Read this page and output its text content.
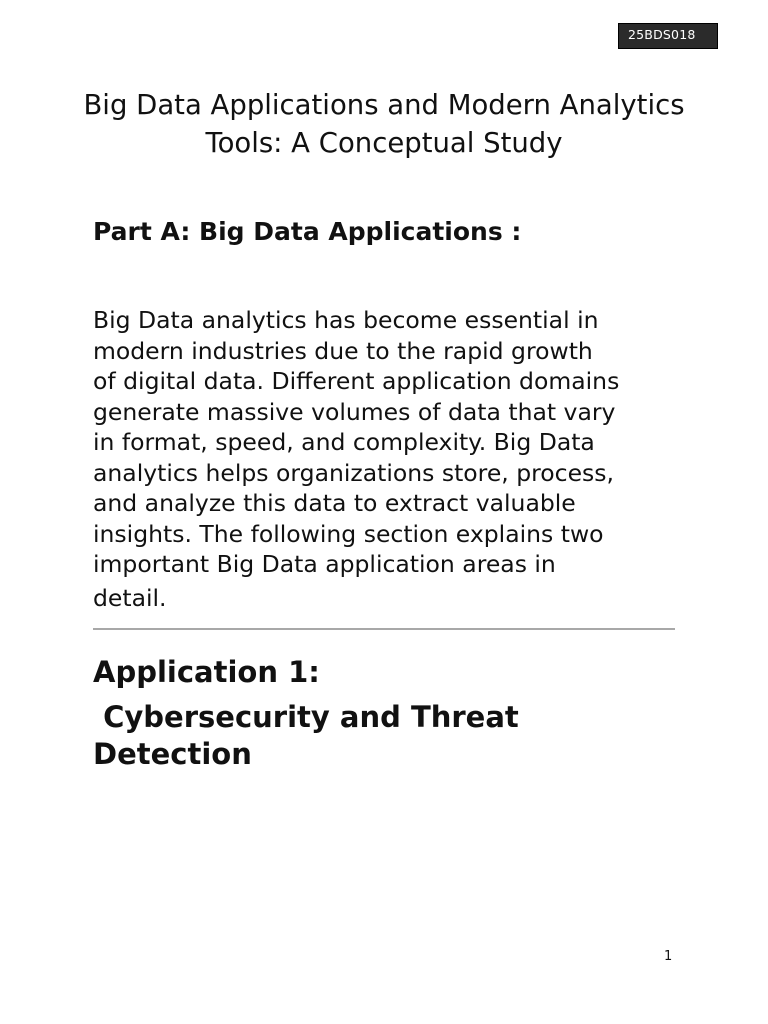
25BDS018
Big Data Applications and Modern Analytics Tools: A Conceptual Study
Part A: Big Data Applications :

Big Data analytics has become essential in
modern industries due to the rapid growth
of digital data. Different application domains
generate massive volumes of data that vary
in format, speed, and complexity. Big Data
analytics helps organizations store, process,
and analyze this data to extract valuable
insights. The following section explains two
important Big Data application areas in
detail.

Application 1:
Cybersecurity and Threat
Detection
1
